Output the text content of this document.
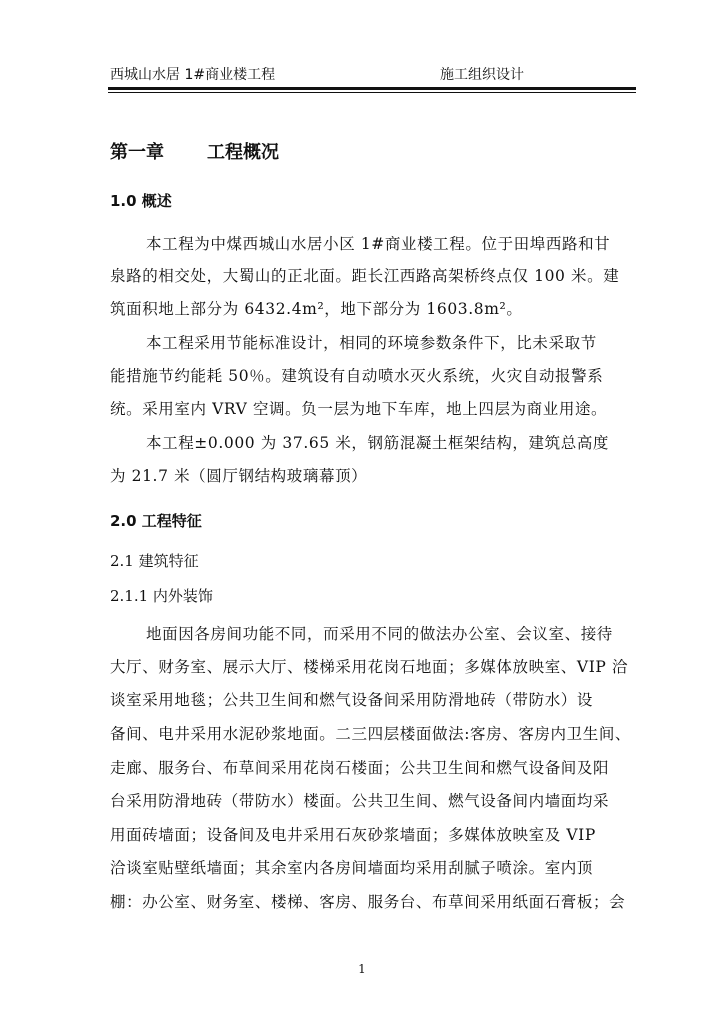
西城山水居 1#商业楼工程	施工组织设计
第一章 工程概况
1.0 概述
本工程为中煤西城山水居小区 1#商业楼工程。位于田埠西路和甘
泉路的相交处，大蜀山的正北面。距长江西路高架桥终点仅 100 米。建
筑面积地上部分为 6432.4m²，地下部分为 1603.8m²。
本工程采用节能标准设计，相同的环境参数条件下，比未采取节
能措施节约能耗 50％。建筑设有自动喷水灭火系统，火灾自动报警系
统。采用室内 VRV 空调。负一层为地下车库，地上四层为商业用途。
本工程±0.000 为 37.65 米，钢筋混凝土框架结构，建筑总高度
为 21.7 米（圆厅钢结构玻璃幕顶）
2.0 工程特征
2.1 建筑特征
2.1.1 内外装饰
地面因各房间功能不同，而采用不同的做法办公室、会议室、接待
大厅、财务室、展示大厅、楼梯采用花岗石地面；多媒体放映室、VIP 洽
谈室采用地毯；公共卫生间和燃气设备间采用防滑地砖（带防水）设
备间、电井采用水泥砂浆地面。二三四层楼面做法:客房、客房内卫生间、
走廊、服务台、布草间采用花岗石楼面；公共卫生间和燃气设备间及阳
台采用防滑地砖（带防水）楼面。公共卫生间、燃气设备间内墙面均采
用面砖墙面；设备间及电井采用石灰砂浆墙面；多媒体放映室及 VIP
洽谈室贴壁纸墙面；其余室内各房间墙面均采用刮腻子喷涂。室内顶
棚：办公室、财务室、楼梯、客房、服务台、布草间采用纸面石膏板；会
1
